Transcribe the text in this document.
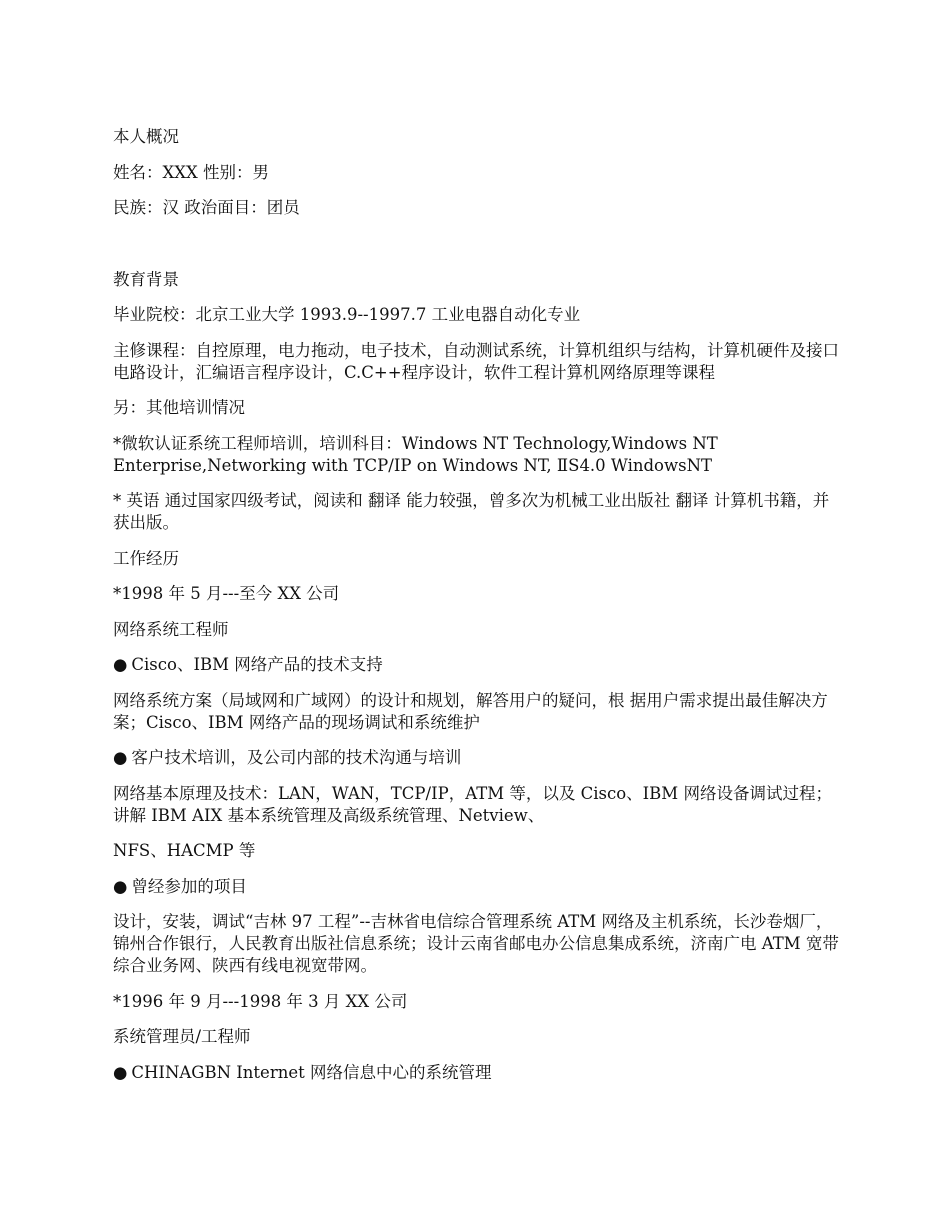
本人概况

姓名：XXX 性别：男

民族：汉 政治面目：团员

教育背景

毕业院校：北京工业大学 1993.9--1997.7 工业电器自动化专业

主修课程：自控原理，电力拖动，电子技术，自动测试系统，计算机组织与结构，计算机硬件及接口电路设计，汇编语言程序设计，C.C++程序设计，软件工程计算机网络原理等课程

另：其他培训情况

*微软认证系统工程师培训，培训科目：Windows NT Technology,Windows NT Enterprise,Networking with TCP/IP on Windows NT, ⅡS4.0 WindowsNT

* 英语 通过国家四级考试，阅读和 翻译 能力较强，曾多次为机械工业出版社 翻译 计算机书籍，并获出版。

工作经历

*1998 年 5 月---至今 XX 公司

网络系统工程师

● Cisco、IBM 网络产品的技术支持

网络系统方案（局域网和广域网）的设计和规划，解答用户的疑问，根 据用户需求提出最佳解决方案；Cisco、IBM 网络产品的现场调试和系统维护

● 客户技术培训，及公司内部的技术沟通与培训

网络基本原理及技术：LAN，WAN，TCP/IP，ATM 等，以及 Cisco、IBM 网络设备调试过程；讲解 IBM AIX 基本系统管理及高级系统管理、Netview、

NFS、HACMP 等

● 曾经参加的项目

设计，安装，调试“吉林 97 工程”--吉林省电信综合管理系统 ATM 网络及主机系统，长沙卷烟厂，锦州合作银行，人民教育出版社信息系统；设计云南省邮电办公信息集成系统，济南广电 ATM 宽带综合业务网、陕西有线电视宽带网。

*1996 年 9 月---1998 年 3 月 XX 公司

系统管理员/工程师

● CHINAGBN Internet 网络信息中心的系统管理
